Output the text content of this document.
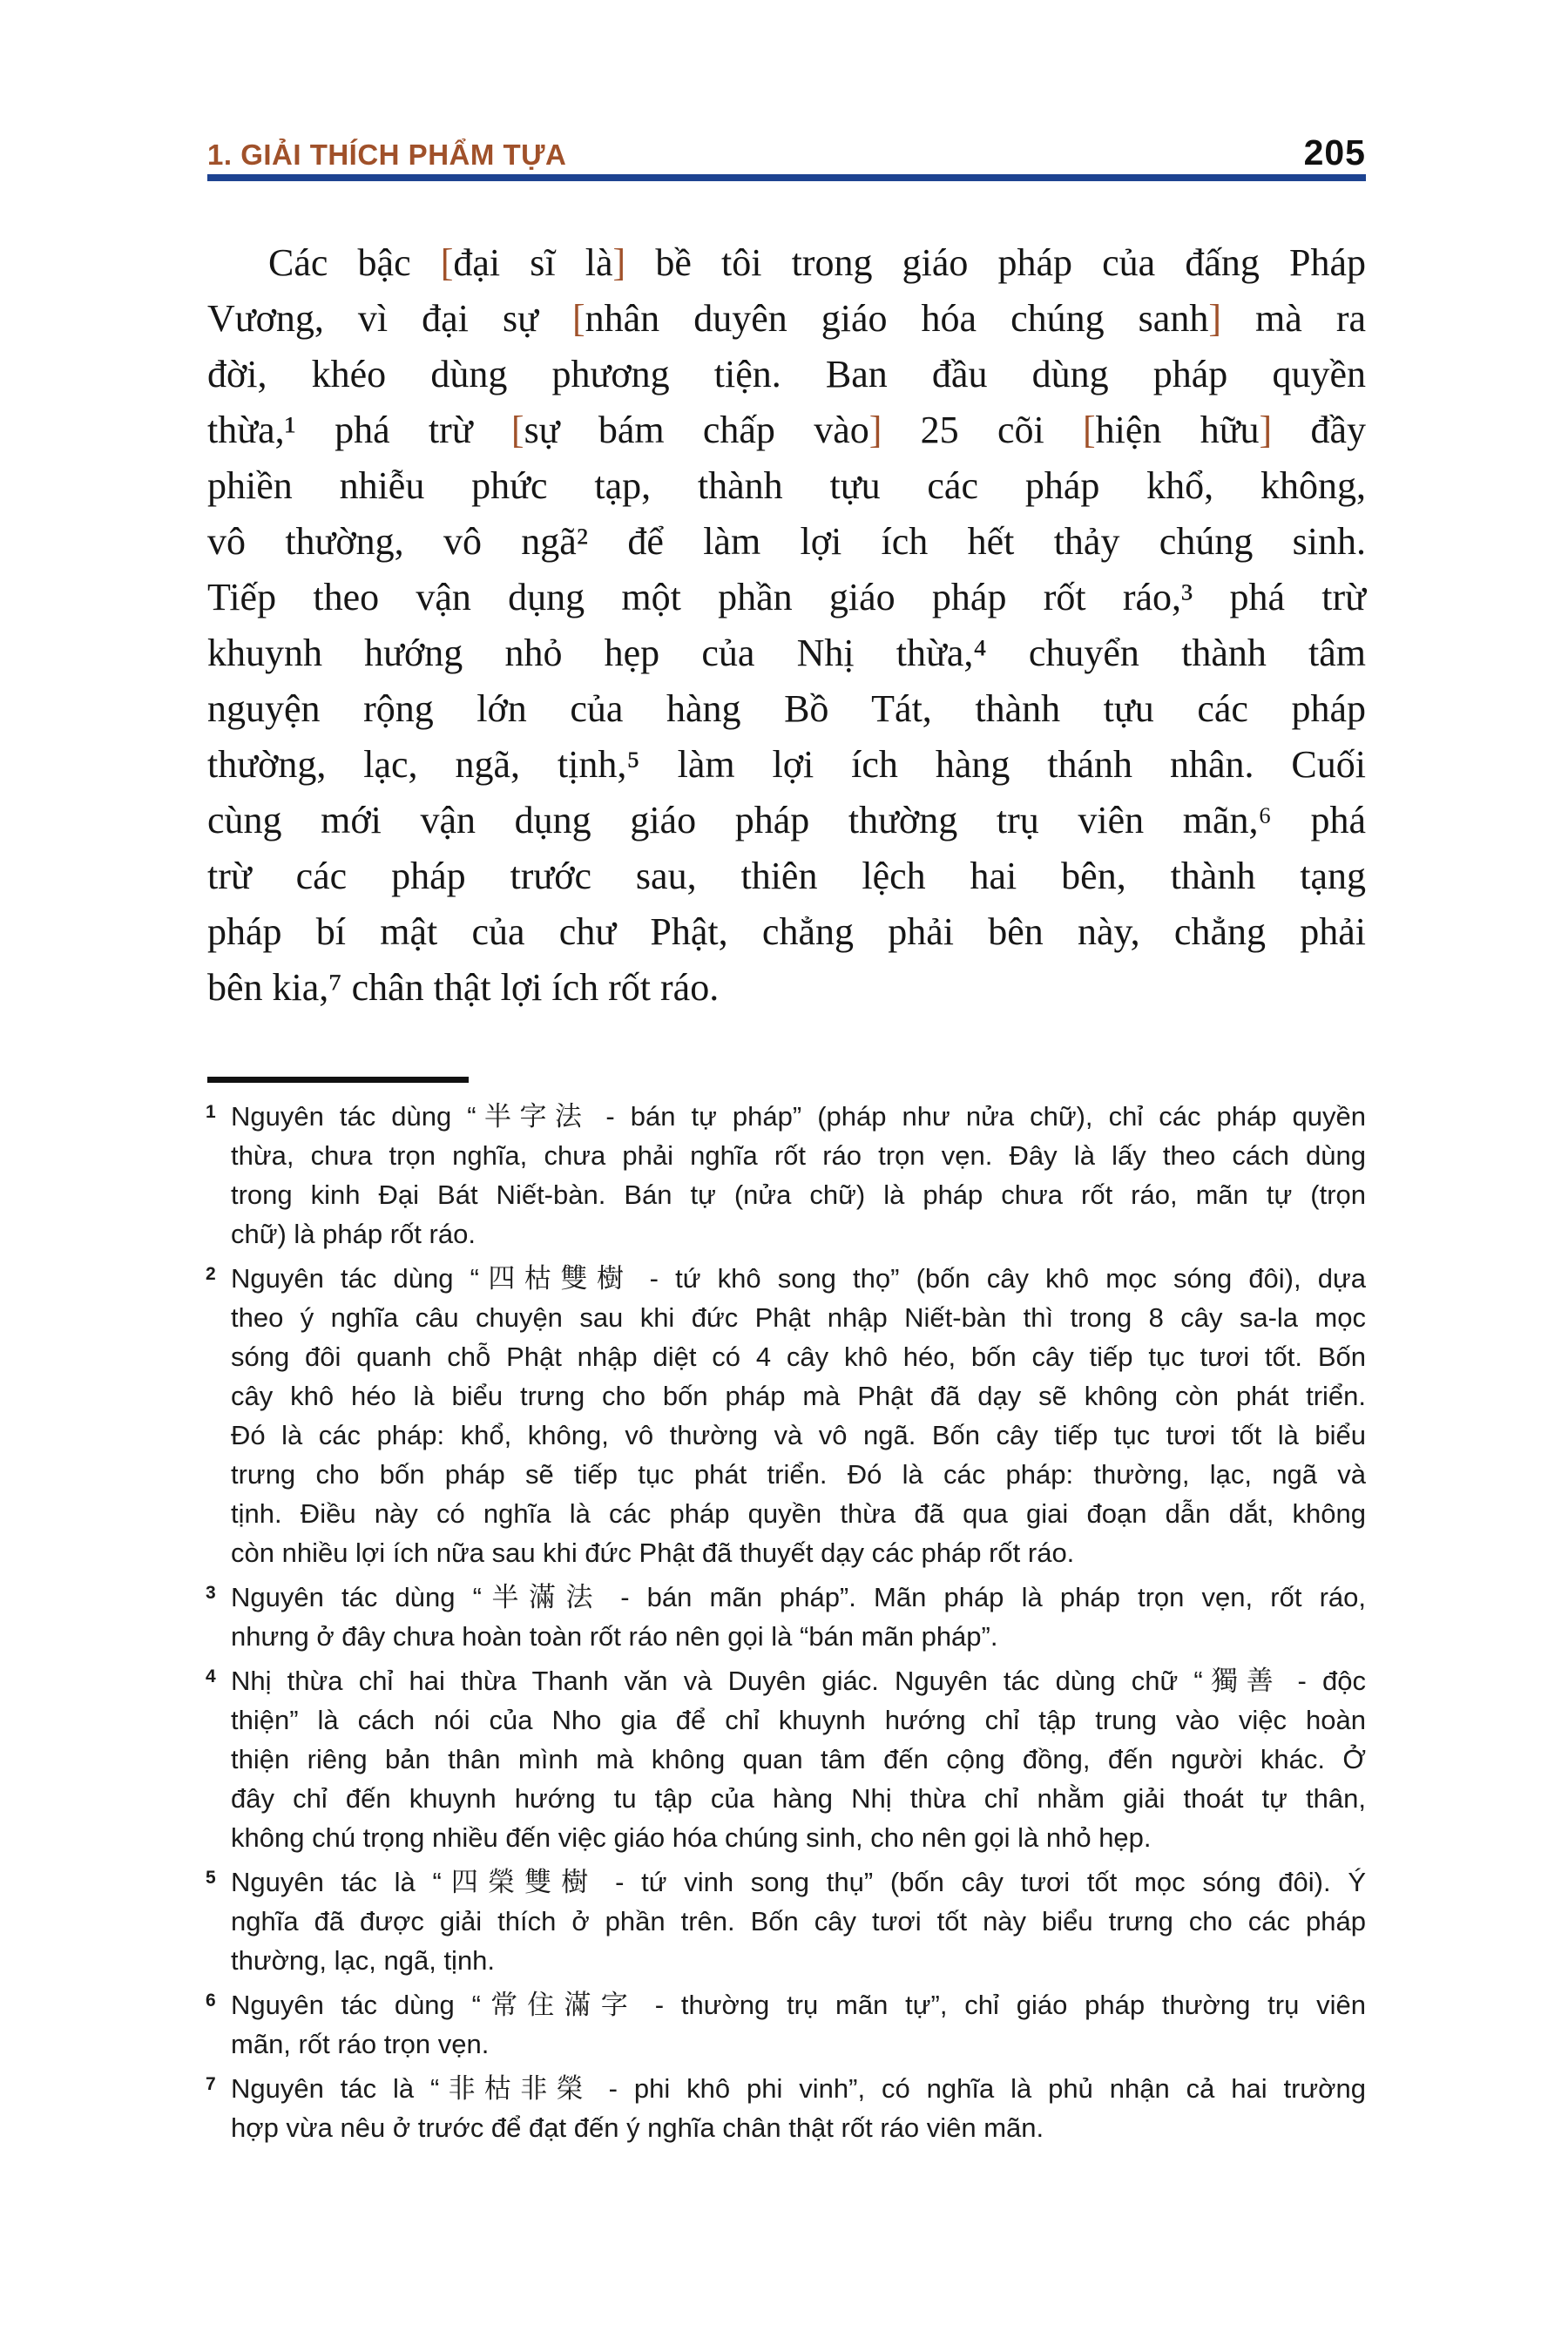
1. GIẢI THÍCH PHẨM TỰA	205
Các bậc [đại sĩ là] bề tôi trong giáo pháp của đấng Pháp
Vương, vì đại sự [nhân duyên giáo hóa chúng sanh] mà ra
đời, khéo dùng phương tiện. Ban đầu dùng pháp quyền
thừa,¹ phá trừ [sự bám chấp vào] 25 cõi [hiện hữu] đầy
phiền nhiễu phức tạp, thành tựu các pháp khổ, không,
vô thường, vô ngã² để làm lợi ích hết thảy chúng sinh.
Tiếp theo vận dụng một phần giáo pháp rốt ráo,³ phá trừ
khuynh hướng nhỏ hẹp của Nhị thừa,⁴ chuyển thành tâm
nguyện rộng lớn của hàng Bồ Tát, thành tựu các pháp
thường, lạc, ngã, tịnh,⁵ làm lợi ích hàng thánh nhân. Cuối
cùng mới vận dụng giáo pháp thường trụ viên mãn,⁶ phá
trừ các pháp trước sau, thiên lệch hai bên, thành tạng
pháp bí mật của chư Phật, chẳng phải bên này, chẳng phải
bên kia,⁷ chân thật lợi ích rốt ráo.
1 Nguyên tác dùng “半字法 - bán tự pháp” (pháp như nửa chữ), chỉ các pháp quyền
thừa, chưa trọn nghĩa, chưa phải nghĩa rốt ráo trọn vẹn. Đây là lấy theo cách dùng
trong kinh Đại Bát Niết-bàn. Bán tự (nửa chữ) là pháp chưa rốt ráo, mãn tự (trọn
chữ) là pháp rốt ráo.
2 Nguyên tác dùng “四枯雙樹 - tứ khô song thọ” (bốn cây khô mọc sóng đôi), dựa
theo ý nghĩa câu chuyện sau khi đức Phật nhập Niết-bàn thì trong 8 cây sa-la mọc
sóng đôi quanh chỗ Phật nhập diệt có 4 cây khô héo, bốn cây tiếp tục tươi tốt. Bốn
cây khô héo là biểu trưng cho bốn pháp mà Phật đã dạy sẽ không còn phát triển.
Đó là các pháp: khổ, không, vô thường và vô ngã. Bốn cây tiếp tục tươi tốt là biểu
trưng cho bốn pháp sẽ tiếp tục phát triển. Đó là các pháp: thường, lạc, ngã và
tịnh. Điều này có nghĩa là các pháp quyền thừa đã qua giai đoạn dẫn dắt, không
còn nhiều lợi ích nữa sau khi đức Phật đã thuyết dạy các pháp rốt ráo.
3 Nguyên tác dùng “半滿法 - bán mãn pháp”. Mãn pháp là pháp trọn vẹn, rốt ráo,
nhưng ở đây chưa hoàn toàn rốt ráo nên gọi là “bán mãn pháp”.
4 Nhị thừa chỉ hai thừa Thanh văn và Duyên giác. Nguyên tác dùng chữ “獨善 - độc
thiện” là cách nói của Nho gia để chỉ khuynh hướng chỉ tập trung vào việc hoàn
thiện riêng bản thân mình mà không quan tâm đến cộng đồng, đến người khác. Ở
đây chỉ đến khuynh hướng tu tập của hàng Nhị thừa chỉ nhằm giải thoát tự thân,
không chú trọng nhiều đến việc giáo hóa chúng sinh, cho nên gọi là nhỏ hẹp.
5 Nguyên tác là “四榮雙樹 - tứ vinh song thụ” (bốn cây tươi tốt mọc sóng đôi). Ý
nghĩa đã được giải thích ở phần trên. Bốn cây tươi tốt này biểu trưng cho các pháp
thường, lạc, ngã, tịnh.
6 Nguyên tác dùng “常住滿字 - thường trụ mãn tự”, chỉ giáo pháp thường trụ viên
mãn, rốt ráo trọn vẹn.
7 Nguyên tác là “非枯非榮 - phi khô phi vinh”, có nghĩa là phủ nhận cả hai trường
hợp vừa nêu ở trước để đạt đến ý nghĩa chân thật rốt ráo viên mãn.
